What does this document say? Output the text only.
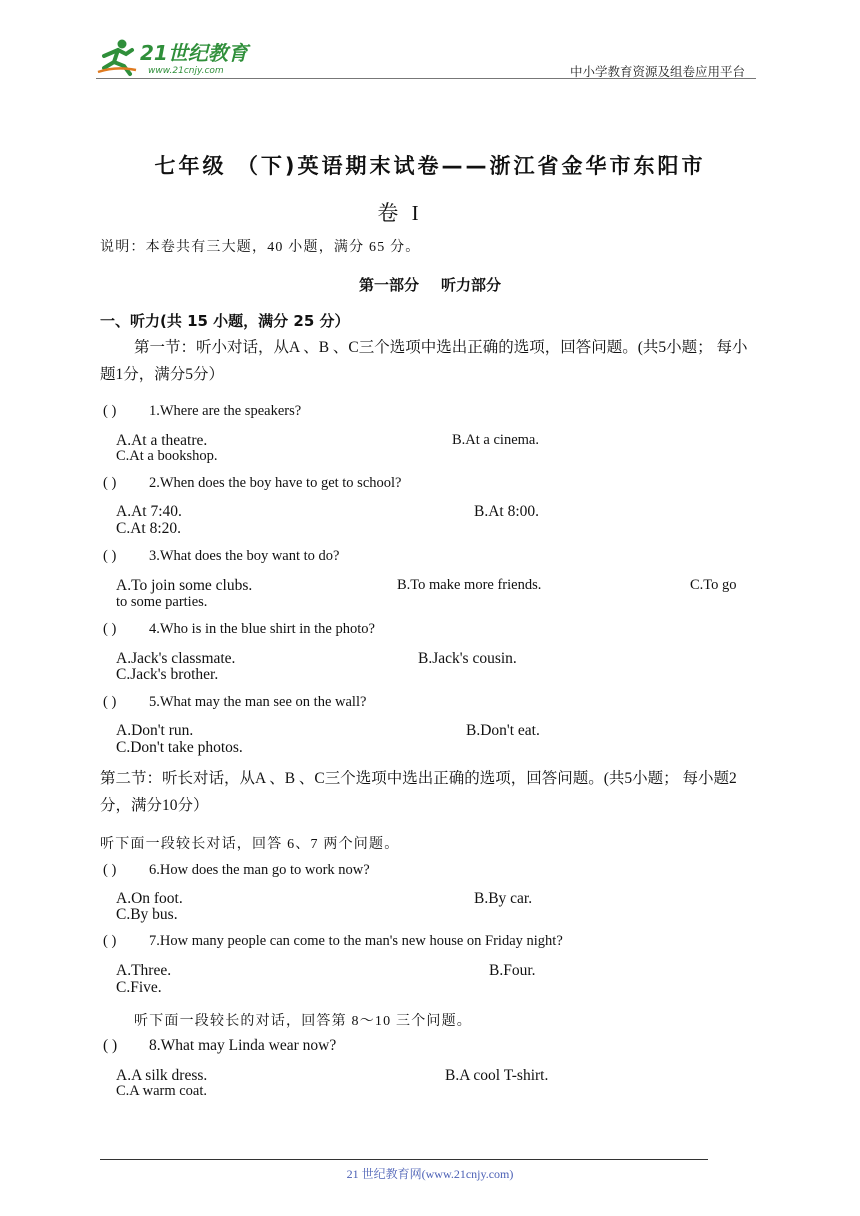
21世纪教育
www.21cnjy.com	中小学教育资源及组卷应用平台
七年级 （下)英语期末试卷——浙江省金华市东阳市
卷 I
说明：本卷共有三大题，40 小题，满分 65 分。
第一部分 听力部分
一、听力(共 15 小题，满分 25 分）
第一节：听小对话，从A 、B 、C三个选项中选出正确的选项，回答问题。(共5小题； 每小题1分，满分5分）
( ) 1.Where are the speakers?
A.At a theatre.	B.At a cinema.
C.At a bookshop.
( ) 2.When does the boy have to get to school?
A.At 7:40.	B.At 8:00.
C.At 8:20.
( ) 3.What does the boy want to do?
A.To join some clubs.	B.To make more friends.	C.To go
to some parties.
( ) 4.Who is in the blue shirt in the photo?
A.Jack's classmate.	B.Jack's cousin.
C.Jack's brother.
( ) 5.What may the man see on the wall?
A.Don't run.	B.Don't eat.
C.Don't take photos.
第二节：听长对话，从A 、B 、C三个选项中选出正确的选项，回答问题。(共5小题； 每小题2分，满分10分）
听下面一段较长对话，回答 6、7 两个问题。
( ) 6.How does the man go to work now?
A.On foot.	B.By car.
C.By bus.
( ) 7.How many people can come to the man's new house on Friday night?
A.Three.	B.Four.
C.Five.
听下面一段较长的对话，回答第 8～10 三个问题。
( ) 8.What may Linda wear now?
A.A silk dress.	B.A cool T-shirt.
C.A warm coat.
21 世纪教育网(www.21cnjy.com)
